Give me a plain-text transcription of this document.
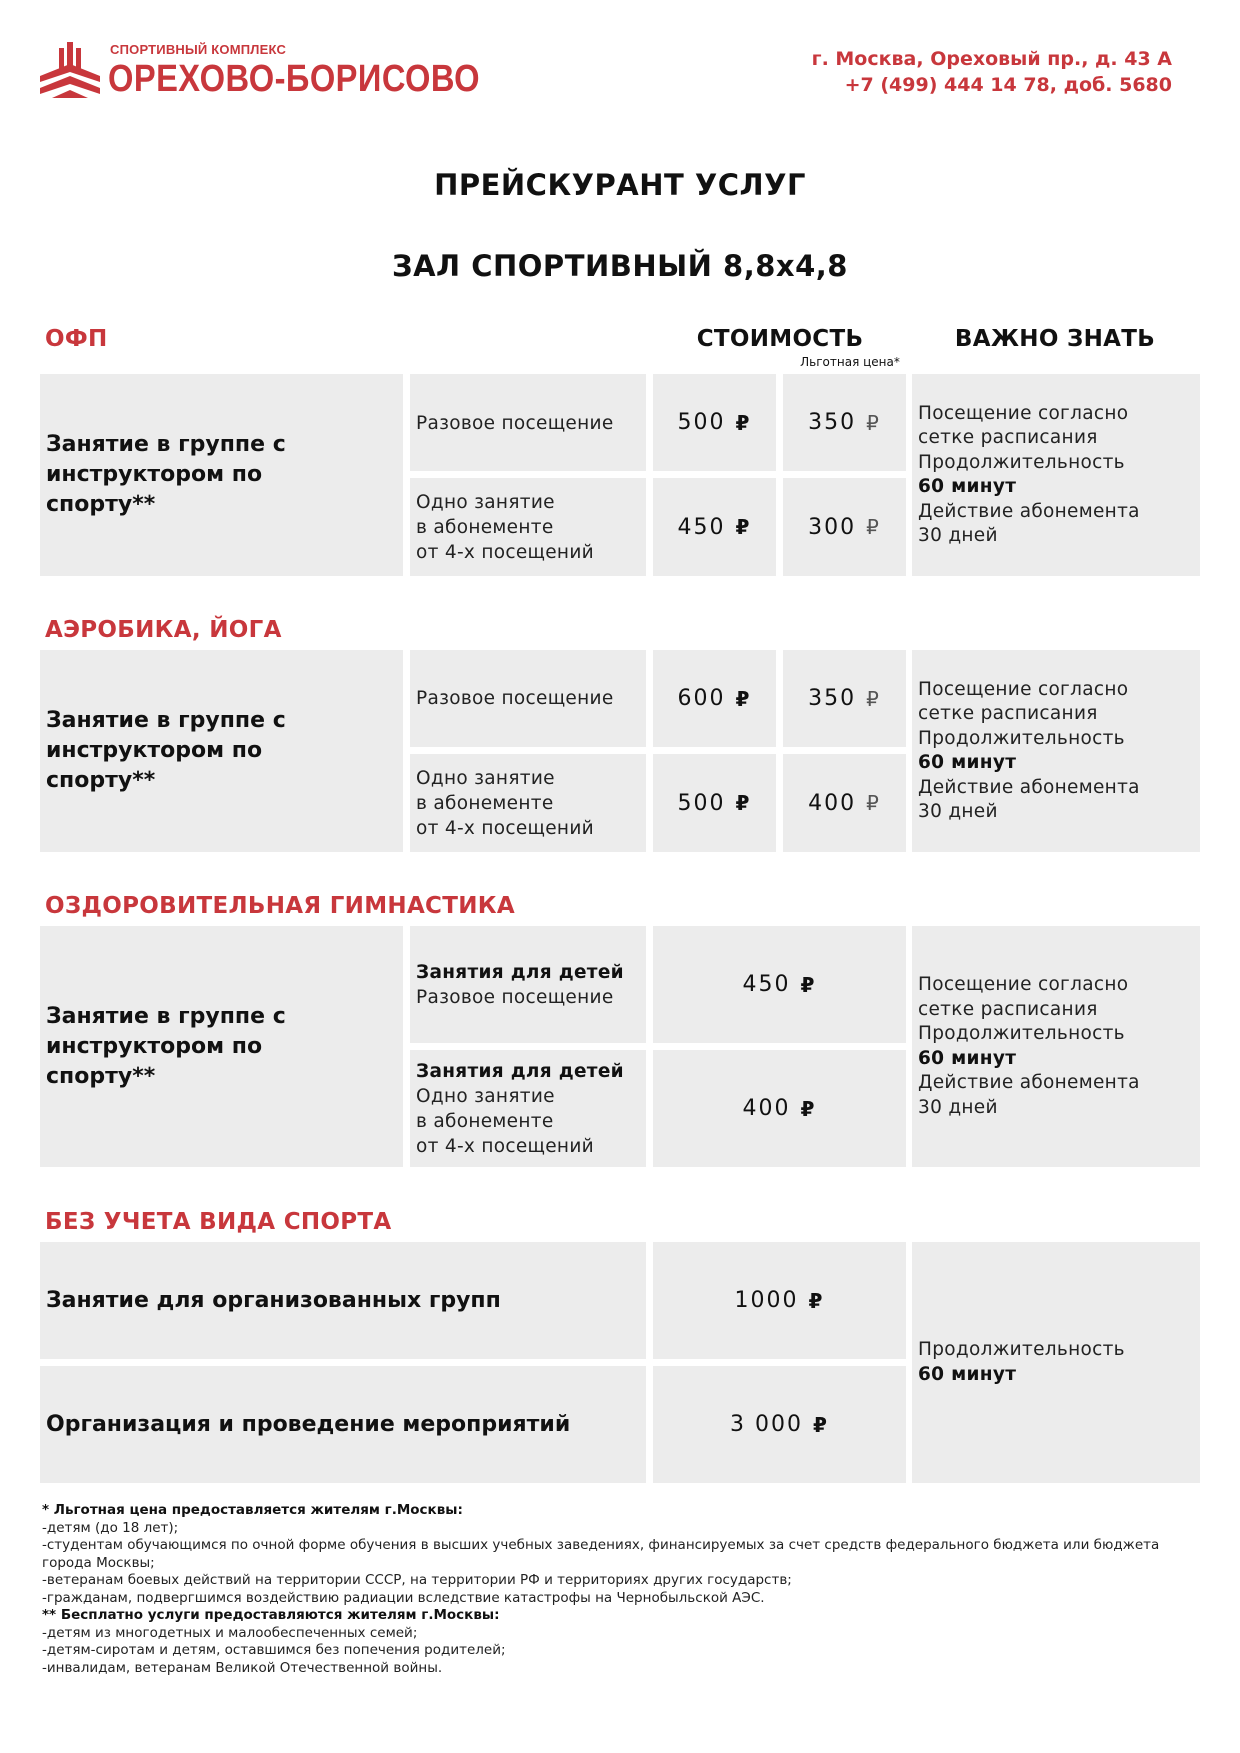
СПОРТИВНЫЙ КОМПЛЕКС
ОРЕХОВО-БОРИСОВО	г. Москва, Ореховый пр., д. 43 А
+7 (499) 444 14 78, доб. 5680
ПРЕЙСКУРАНТ УСЛУГ
ЗАЛ СПОРТИВНЫЙ 8,8х4,8
ОФП	СТОИМОСТЬ
Льготная цена*
ВАЖНО ЗНАТЬ
Занятие в группе с инструктором по спорту**
Разовое посещение	500 ₽	350 ₽
Одно занятие
в абонементе
от 4-х посещений
450 ₽	300 ₽
Посещение согласно
сетке расписания
Продолжительность
60 минут
Действие абонемента
30 дней
АЭРОБИКА, ЙОГА
Занятие в группе с инструктором по спорту**
Разовое посещение	600 ₽	350 ₽
Одно занятие
в абонементе
от 4-х посещений
500 ₽	400 ₽
Посещение согласно
сетке расписания
Продолжительность
60 минут
Действие абонемента
30 дней
ОЗДОРОВИТЕЛЬНАЯ ГИМНАСТИКА
Занятие в группе с инструктором по спорту**
Занятия для детей
Разовое посещение	450 ₽
Занятия для детей
Одно занятие
в абонементе
от 4-х посещений
400 ₽
Посещение согласно
сетке расписания
Продолжительность
60 минут
Действие абонемента
30 дней
БЕЗ УЧЕТА ВИДА СПОРТА
Занятие для организованных групп	1000 ₽
Организация и проведение мероприятий	3 000 ₽
Продолжительность
60 минут
* Льготная цена предоставляется жителям г.Москвы:
-детям (до 18 лет);
-студентам обучающимся по очной форме обучения в высших учебных заведениях, финансируемых за счет средств федерального бюджета или бюджета
города Москвы;
-ветеранам боевых действий на территории СССР, на территории РФ и территориях других государств;
-гражданам, подвергшимся воздействию радиации вследствие катастрофы на Чернобыльской АЭС.
** Бесплатно услуги предоставляются жителям г.Москвы:
-детям из многодетных и малообеспеченных семей;
-детям-сиротам и детям, оставшимся без попечения родителей;
-инвалидам, ветеранам Великой Отечественной войны.
